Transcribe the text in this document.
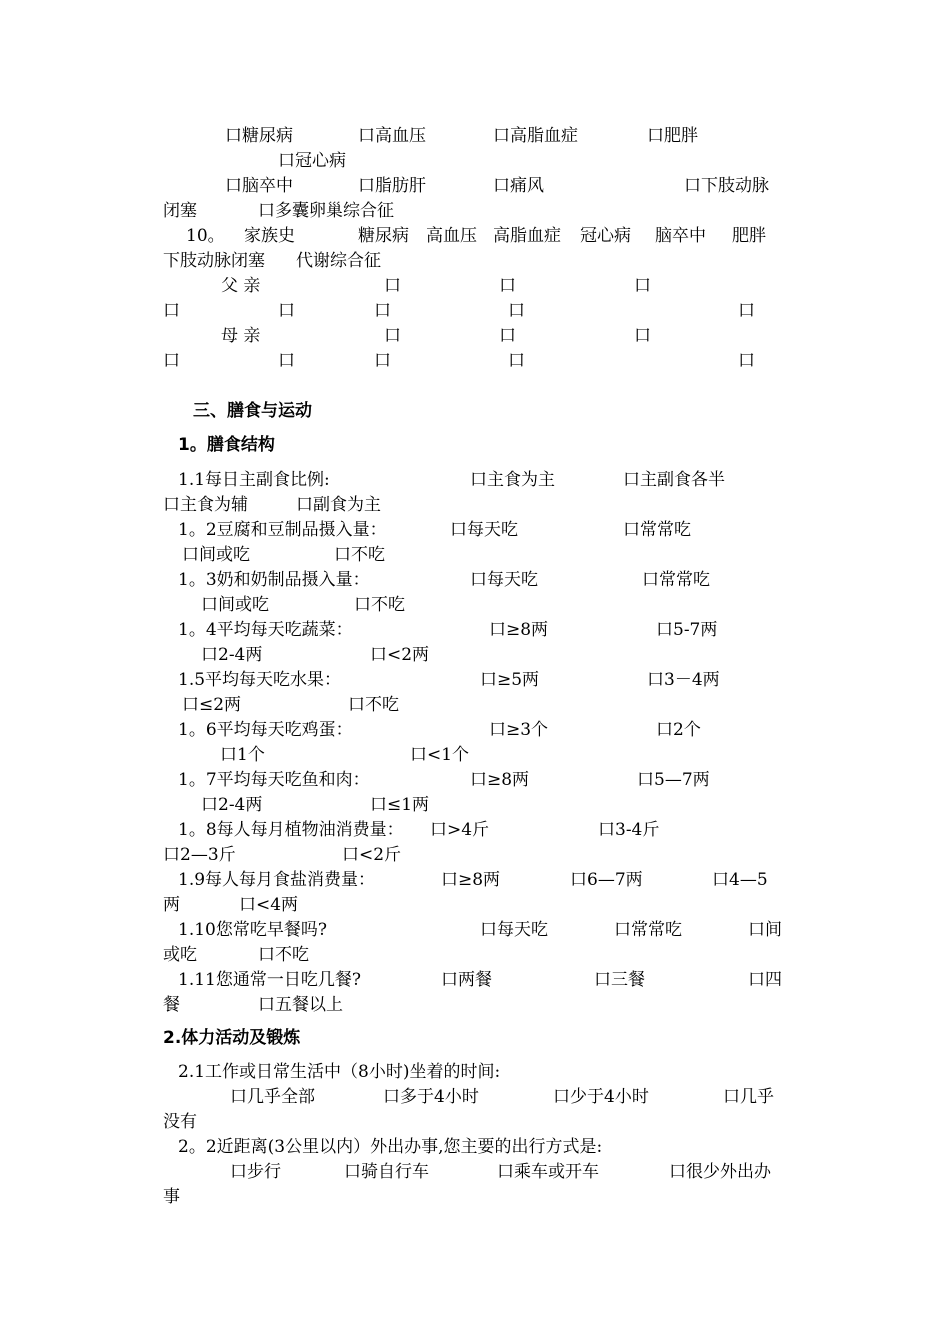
口糖尿病	口高血压	口高脂血症	口肥胖
口冠心病
口脑卒中	口脂肪肝	口痛风	口下肢动脉
闭塞	口多囊卵巢综合征
10。 家族史	糖尿病 高血压 高脂血症 冠心病 脑卒中 肥胖
下肢动脉闭塞 代谢综合征
父 亲	口	口	口
口	口	口	口	口
母 亲	口	口	口
口	口	口	口	口
三、膳食与运动
1。膳食结构
1.1每日主副食比例:	口主食为主	口主副食各半
口主食为辅	口副食为主
1。2豆腐和豆制品摄入量：	口每天吃	口常常吃
口间或吃	口不吃
1。3奶和奶制品摄入量：	口每天吃	口常常吃
口间或吃	口不吃
1。4平均每天吃蔬菜：	口≥8两	口5-7两
口2-4两	口<2两
1.5平均每天吃水果：	口≥5两	口3－4两
口≤2两	口不吃
1。6平均每天吃鸡蛋：	口≥3个	口2个
口1个	口<1个
1。7平均每天吃鱼和肉：	口≥8两	口5—7两
口2-4两	口≤1两
1。8每人每月植物油消费量： 口>4斤	口3-4斤
口2—3斤	口<2斤
1.9每人每月食盐消费量：	口≥8两	口6—7两	口4—5
两	口<4两
1.10您常吃早餐吗?	口每天吃	口常常吃	口间
或吃	口不吃
1.11您通常一日吃几餐?	口两餐	口三餐	口四
餐	口五餐以上
2.体力活动及锻炼
2.1工作或日常生活中（8小时)坐着的时间:
口几乎全部	口多于4小时	口少于4小时	口几乎
没有
2。2近距离(3公里以内）外出办事,您主要的出行方式是:
口步行	口骑自行车	口乘车或开车	口很少外出办
事
